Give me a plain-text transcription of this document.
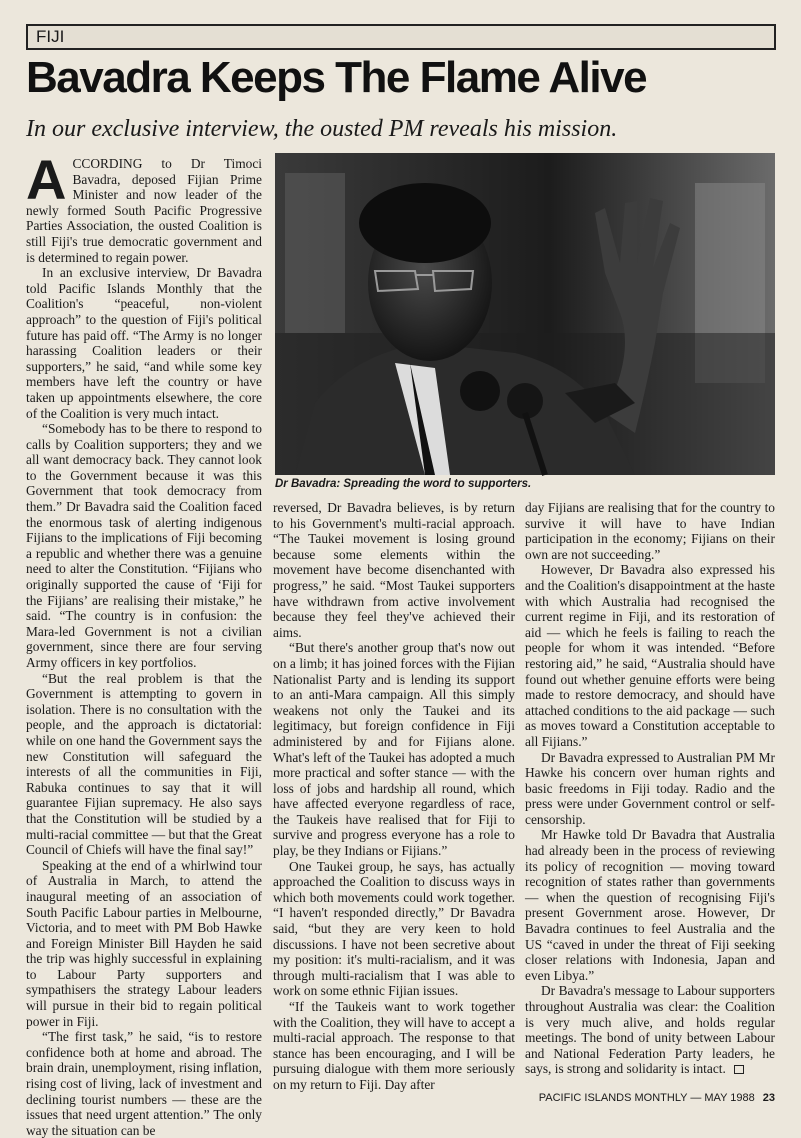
FIJI
Bavadra Keeps The Flame Alive
In our exclusive interview, the ousted PM reveals his mission.

ACCORDING to Dr Timoci Bavadra, deposed Fijian Prime Minister and now leader of the newly formed South Pacific Progressive Parties Association, the ousted Coalition is still Fiji's true democratic government and is determined to regain power.

In an exclusive interview, Dr Bavadra told Pacific Islands Monthly that the Coalition's “peaceful, non-violent approach” to the question of Fiji's political future has paid off. “The Army is no longer harassing Coalition leaders or their supporters,” he said, “and while some key members have left the country or have taken up appointments elsewhere, the core of the Coalition is very much intact.

“Somebody has to be there to respond to calls by Coalition supporters; they and we all want democracy back. They cannot look to the Government because it was this Government that took democracy from them.” Dr Bavadra said the Coalition faced the enormous task of alerting indigenous Fijians to the implications of Fiji becoming a republic and whether there was a genuine need to alter the Constitution. “Fijians who originally supported the cause of ‘Fiji for the Fijians’ are realising their mistake,” he said. “The country is in confusion: the Mara-led Government is not a civilian government, since there are four serving Army officers in key portfolios.

“But the real problem is that the Government is attempting to govern in isolation. There is no consultation with the people, and the approach is dictatorial: while on one hand the Government says the new Constitution will safeguard the interests of all the communities in Fiji, Rabuka continues to say that it will guarantee Fijian supremacy. He also says that the Constitution will be studied by a multi-racial committee — but that the Great Council of Chiefs will have the final say!”

Speaking at the end of a whirlwind tour of Australia in March, to attend the inaugural meeting of an association of South Pacific Labour parties in Melbourne, Victoria, and to meet with PM Bob Hawke and Foreign Minister Bill Hayden he said the trip was highly successful in explaining to Labour Party supporters and sympathisers the strategy Labour leaders will pursue in their bid to regain political power in Fiji.

“The first task,” he said, “is to restore confidence both at home and abroad. The brain drain, unemployment, rising inflation, rising cost of living, lack of investment and declining tourist numbers — these are the issues that need urgent attention.” The only way the situation can be

Dr Bavadra: Spreading the word to supporters.

reversed, Dr Bavadra believes, is by return to his Government's multi-racial approach. “The Taukei movement is losing ground because some elements within the movement have become disenchanted with progress,” he said. “Most Taukei supporters have withdrawn from active involvement because they feel they've achieved their aims.

“But there's another group that's now out on a limb; it has joined forces with the Fijian Nationalist Party and is lending its support to an anti-Mara campaign. All this simply weakens not only the Taukei and its legitimacy, but foreign confidence in Fiji administered by and for Fijians alone. What's left of the Taukei has adopted a much more practical and softer stance — with the loss of jobs and hardship all round, which have affected everyone regardless of race, the Taukeis have realised that for Fiji to survive and progress everyone has a role to play, be they Indians or Fijians.”

One Taukei group, he says, has actually approached the Coalition to discuss ways in which both movements could work together. “I haven't responded directly,” Dr Bavadra said, “but they are very keen to hold discussions. I have not been secretive about my position: it's multi-racialism, and it was through multi-racialism that I was able to work on some ethnic Fijian issues.

“If the Taukeis want to work together with the Coalition, they will have to accept a multi-racial approach. The response to that stance has been encouraging, and I will be pursuing dialogue with them more seriously on my return to Fiji. Day after

day Fijians are realising that for the country to survive it will have to have Indian participation in the economy; Fijians on their own are not succeeding.”

However, Dr Bavadra also expressed his and the Coalition's disappointment at the haste with which Australia had recognised the current regime in Fiji, and its restoration of aid — which he feels is failing to reach the people for whom it was intended. “Before restoring aid,” he said, “Australia should have found out whether genuine efforts were being made to restore democracy, and should have attached conditions to the aid package — such as moves toward a Constitution acceptable to all Fijians.”

Dr Bavadra expressed to Australian PM Mr Hawke his concern over human rights and basic freedoms in Fiji today. Radio and the press were under Government control or self-censorship.

Mr Hawke told Dr Bavadra that Australia had already been in the process of reviewing its policy of recognition — moving toward recognition of states rather than governments — when the question of recognising Fiji's present Government arose. However, Dr Bavadra continues to feel Australia and the US “caved in under the threat of Fiji seeking closer relations with Indonesia, Japan and even Libya.”

Dr Bavadra's message to Labour supporters throughout Australia was clear: the Coalition is very much alive, and holds regular meetings. The bond of unity between Labour and National Federation Party leaders, he says, is strong and solidarity is intact.

PACIFIC ISLANDS MONTHLY — MAY 1988 23
